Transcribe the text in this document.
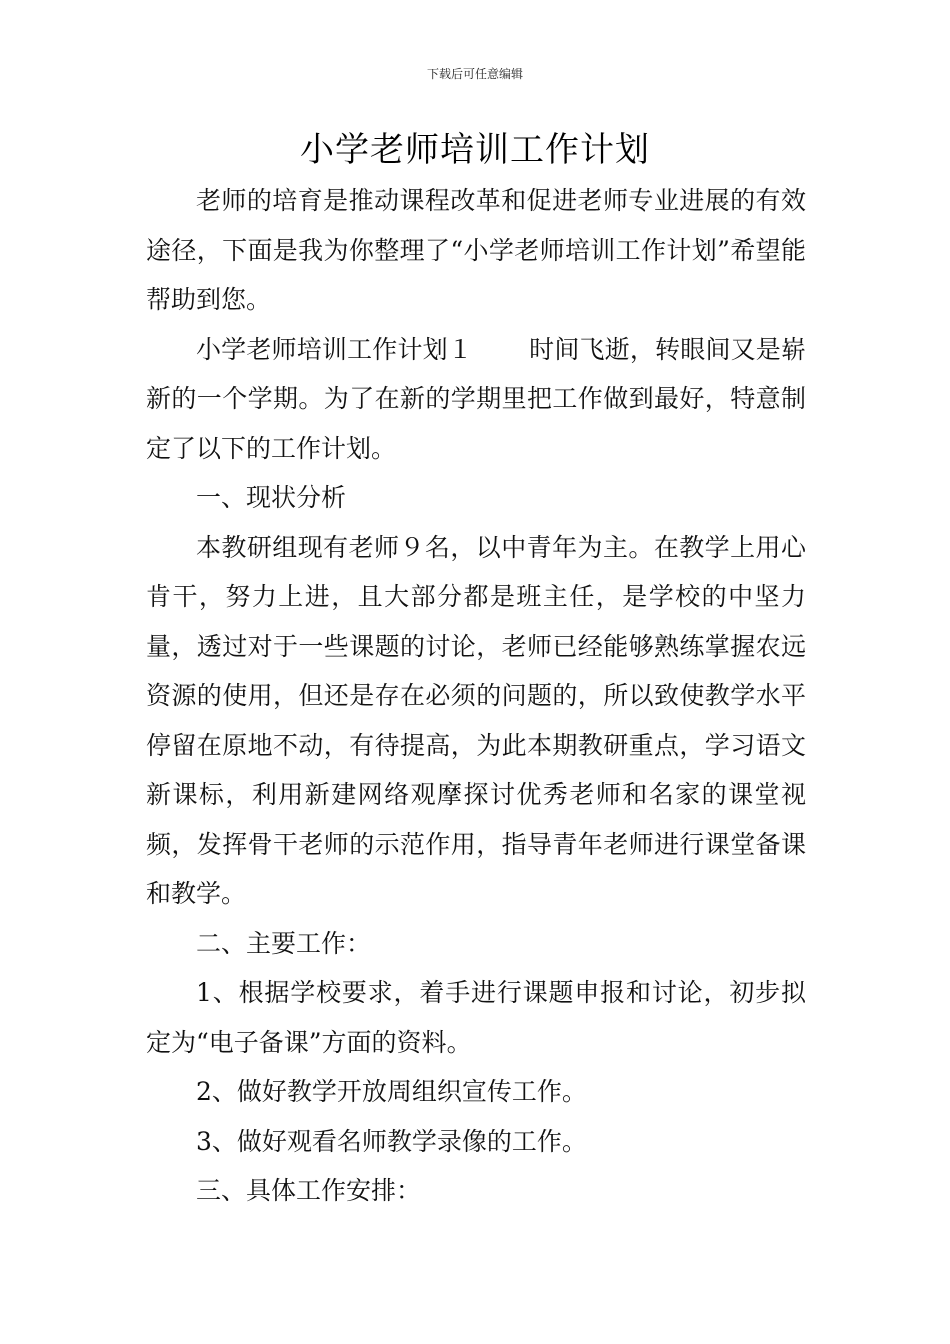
下载后可任意编辑
小学老师培训工作计划

老师的培育是推动课程改革和促进老师专业进展的有效途径，下面是我为你整理了“小学老师培训工作计划”希望能帮助到您。

小学老师培训工作计划１ 时间飞逝，转眼间又是崭新的一个学期。为了在新的学期里把工作做到最好，特意制定了以下的工作计划。

一、现状分析

本教研组现有老师９名，以中青年为主。在教学上用心肯干，努力上进，且大部分都是班主任，是学校的中坚力量，透过对于一些课题的讨论，老师已经能够熟练掌握农远资源的使用，但还是存在必须的问题的，所以致使教学水平停留在原地不动，有待提高，为此本期教研重点，学习语文新课标，利用新建网络观摩探讨优秀老师和名家的课堂视频，发挥骨干老师的示范作用，指导青年老师进行课堂备课和教学。

二、主要工作：

1、根据学校要求，着手进行课题申报和讨论，初步拟定为“电子备课”方面的资料。

2、做好教学开放周组织宣传工作。

3、做好观看名师教学录像的工作。

三、具体工作安排：
